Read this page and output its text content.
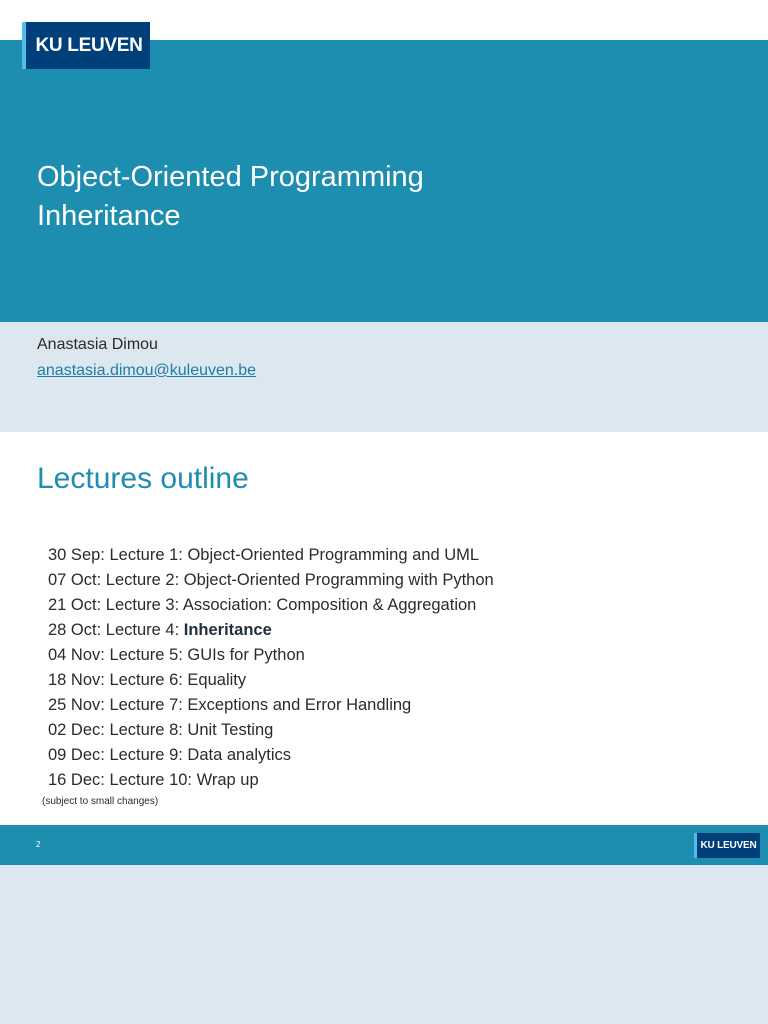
KU LEUVEN
Object-Oriented Programming
Inheritance
Anastasia Dimou
anastasia.dimou@kuleuven.be
Lectures outline
30 Sep: Lecture 1: Object-Oriented Programming and UML
07 Oct: Lecture 2: Object-Oriented Programming with Python
21 Oct: Lecture 3: Association: Composition & Aggregation
28 Oct: Lecture 4: Inheritance
04 Nov: Lecture 5: GUIs for Python
18 Nov: Lecture 6: Equality
25 Nov: Lecture 7: Exceptions and Error Handling
02 Dec: Lecture 8: Unit Testing
09 Dec: Lecture 9: Data analytics
16 Dec: Lecture 10: Wrap up
(subject to small changes)
2	KU LEUVEN
